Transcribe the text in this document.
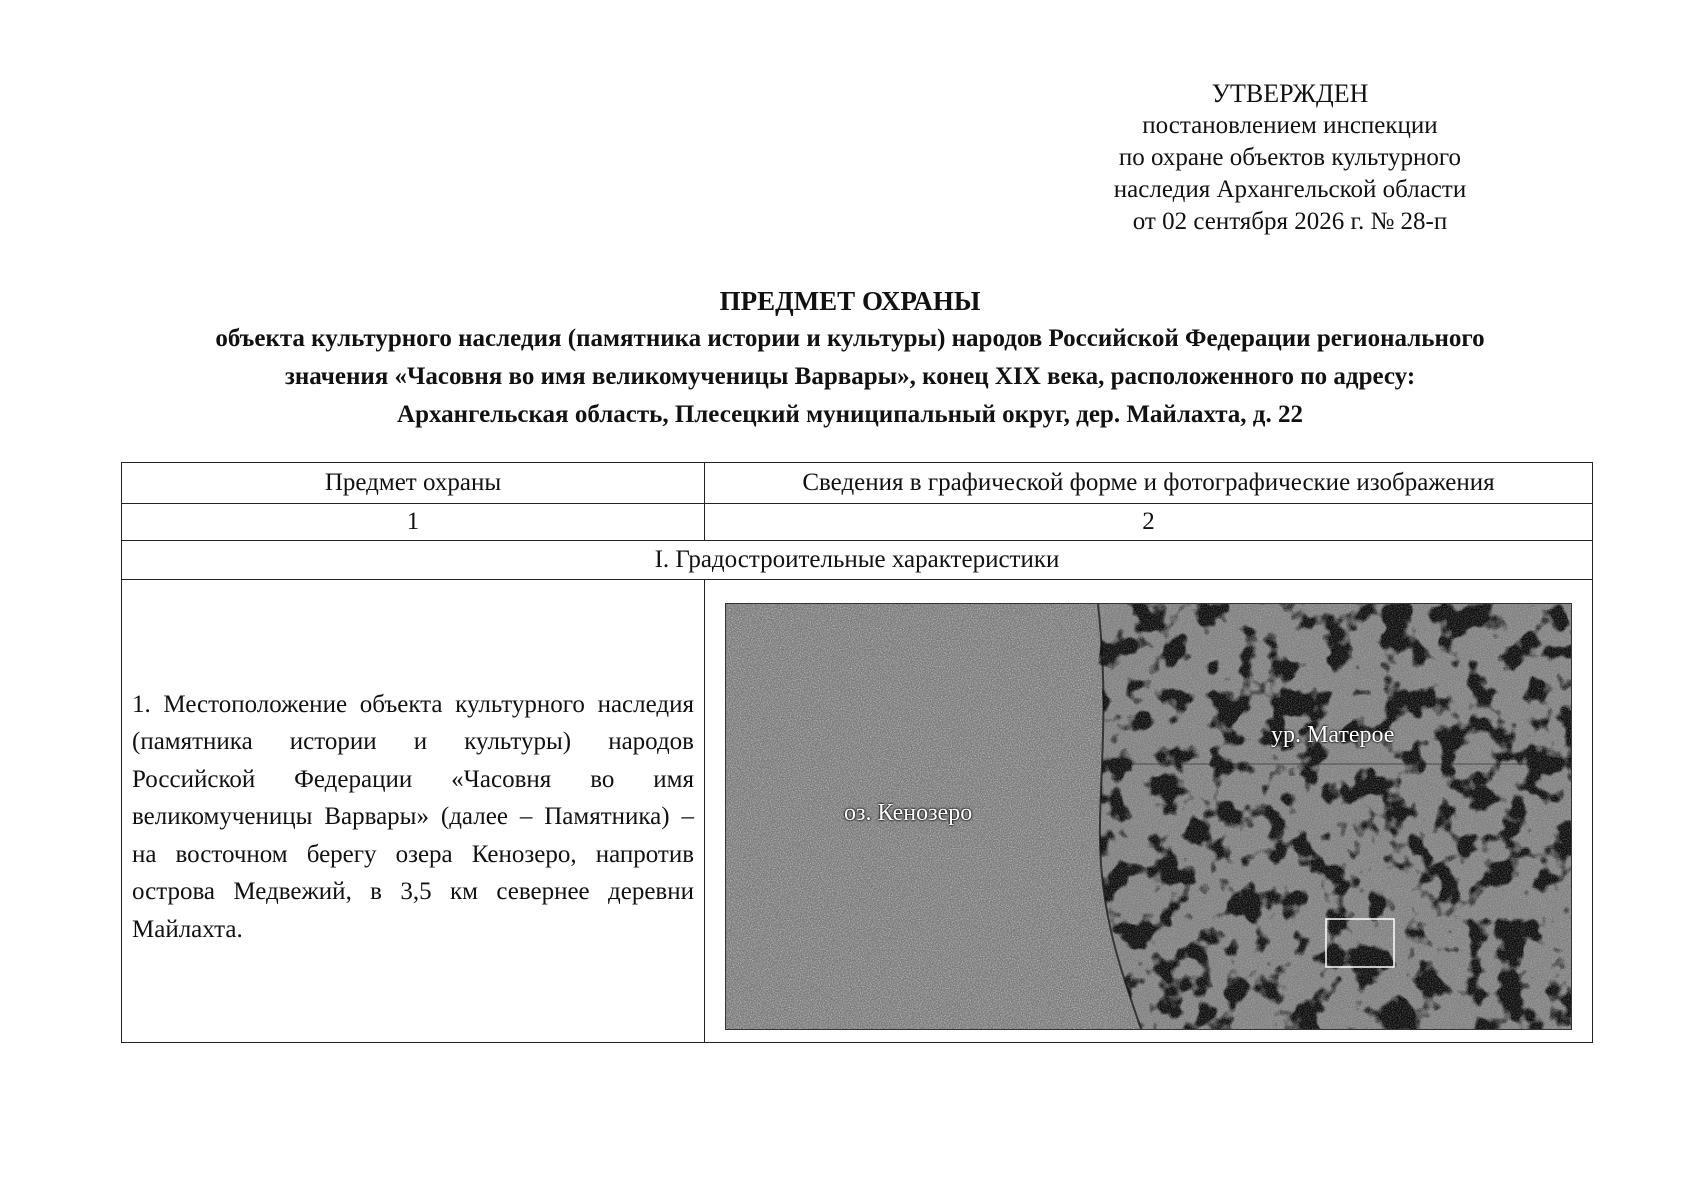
УТВЕРЖДЕН
постановлением инспекции
по охране объектов культурного
наследия Архангельской области
от 02 сентября 2026 г. № 28-п
ПРЕДМЕТ ОХРАНЫ
объекта культурного наследия (памятника истории и культуры) народов Российской Федерации регионального
значения «Часовня во имя великомученицы Варвары», конец XIX века, расположенного по адресу:
Архангельская область, Плесецкий муниципальный округ, дер. Майлахта, д. 22
Предмет охраны	Сведения в графической форме и фотографические изображения
1	2
I. Градостроительные характеристики	

1. Местоположение объекта культурного наследия (памятника истории и культуры) народов Российской Федерации «Часовня во имя великомученицы Варвары» (далее – Памятника) – на восточном берегу озера Кенозеро, напротив острова Медвежий, в 3,5 км севернее деревни Майлахта.	оз. Кенозеро
ур. Матерое
